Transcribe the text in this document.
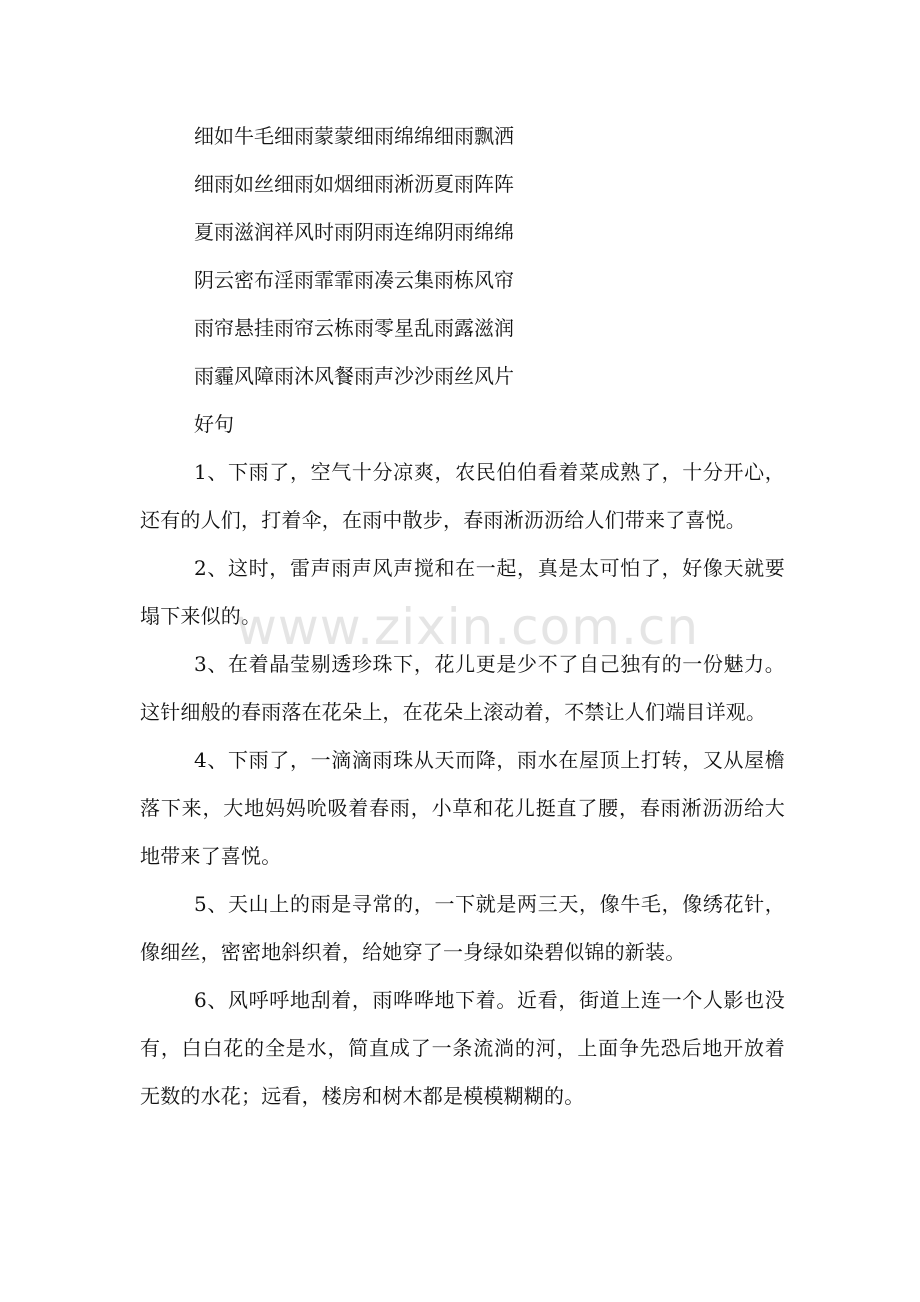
细如牛毛细雨蒙蒙细雨绵绵细雨飘洒
细雨如丝细雨如烟细雨淅沥夏雨阵阵
夏雨滋润祥风时雨阴雨连绵阴雨绵绵
阴云密布淫雨霏霏雨凑云集雨栋风帘
雨帘悬挂雨帘云栋雨零星乱雨露滋润
雨霾风障雨沐风餐雨声沙沙雨丝风片

好句

1、下雨了，空气十分凉爽，农民伯伯看着菜成熟了，十分开心，还有的人们，打着伞，在雨中散步，春雨淅沥沥给人们带来了喜悦。

2、这时，雷声雨声风声搅和在一起，真是太可怕了，好像天就要塌下来似的。

3、在着晶莹剔透珍珠下，花儿更是少不了自己独有的一份魅力。这针细般的春雨落在花朵上，在花朵上滚动着，不禁让人们端目详观。

4、下雨了，一滴滴雨珠从天而降，雨水在屋顶上打转，又从屋檐落下来，大地妈妈吮吸着春雨，小草和花儿挺直了腰，春雨淅沥沥给大地带来了喜悦。

5、天山上的雨是寻常的，一下就是两三天，像牛毛，像绣花针，像细丝，密密地斜织着，给她穿了一身绿如染碧似锦的新装。

6、风呼呼地刮着，雨哗哗地下着。近看，街道上连一个人影也没有，白白花的全是水，简直成了一条流淌的河，上面争先恐后地开放着无数的水花；远看，楼房和树木都是模模糊糊的。

www.zixin.com.cn
